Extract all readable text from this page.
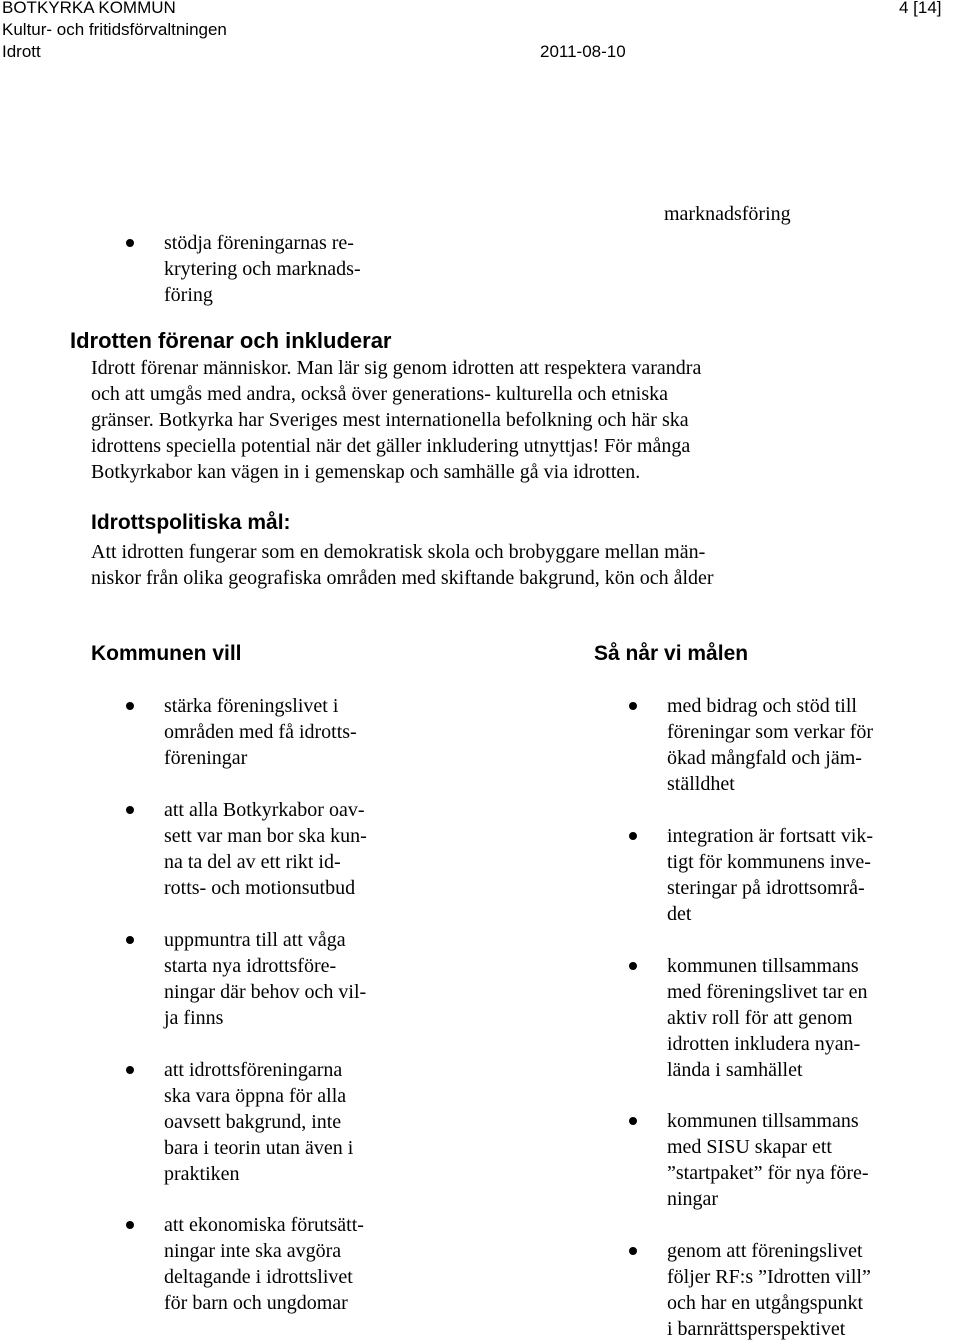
BOTKYRKA KOMMUN
Kultur- och fritidsförvaltningen
Idrott	2011-08-10
4 [14]
marknadsföring
stödja föreningarnas re-
krytering och marknads-
föring
Idrotten förenar och inkluderar
Idrott förenar människor. Man lär sig genom idrotten att respektera varandra
och att umgås med andra, också över generations- kulturella och etniska
gränser. Botkyrka har Sveriges mest internationella befolkning och här ska
idrottens speciella potential när det gäller inkludering utnyttjas! För många
Botkyrkabor kan vägen in i gemenskap och samhälle gå via idrotten.
Idrottspolitiska mål:
Att idrotten fungerar som en demokratisk skola och brobyggare mellan män-
niskor från olika geografiska områden med skiftande bakgrund, kön och ålder
Kommunen vill
stärka föreningslivet i
områden med få idrotts-
föreningar
att alla Botkyrkabor oav-
sett var man bor ska kun-
na ta del av ett rikt id-
rotts- och motionsutbud
uppmuntra till att våga
starta nya idrottsföre-
ningar där behov och vil-
ja finns
att idrottsföreningarna
ska vara öppna för alla
oavsett bakgrund, inte
bara i teorin utan även i
praktiken
att ekonomiska förutsätt-
ningar inte ska avgöra
deltagande i idrottslivet
för barn och ungdomar
Så når vi målen
med bidrag och stöd till
föreningar som verkar för
ökad mångfald och jäm-
ställdhet
integration är fortsatt vik-
tigt för kommunens inve-
steringar på idrottsområ-
det
kommunen tillsammans
med föreningslivet tar en
aktiv roll för att genom
idrotten inkludera nyan-
lända i samhället
kommunen tillsammans
med SISU skapar ett
”startpaket” för nya före-
ningar
genom att föreningslivet
följer RF:s ”Idrotten vill”
och har en utgångspunkt
i barnrättsperspektivet
